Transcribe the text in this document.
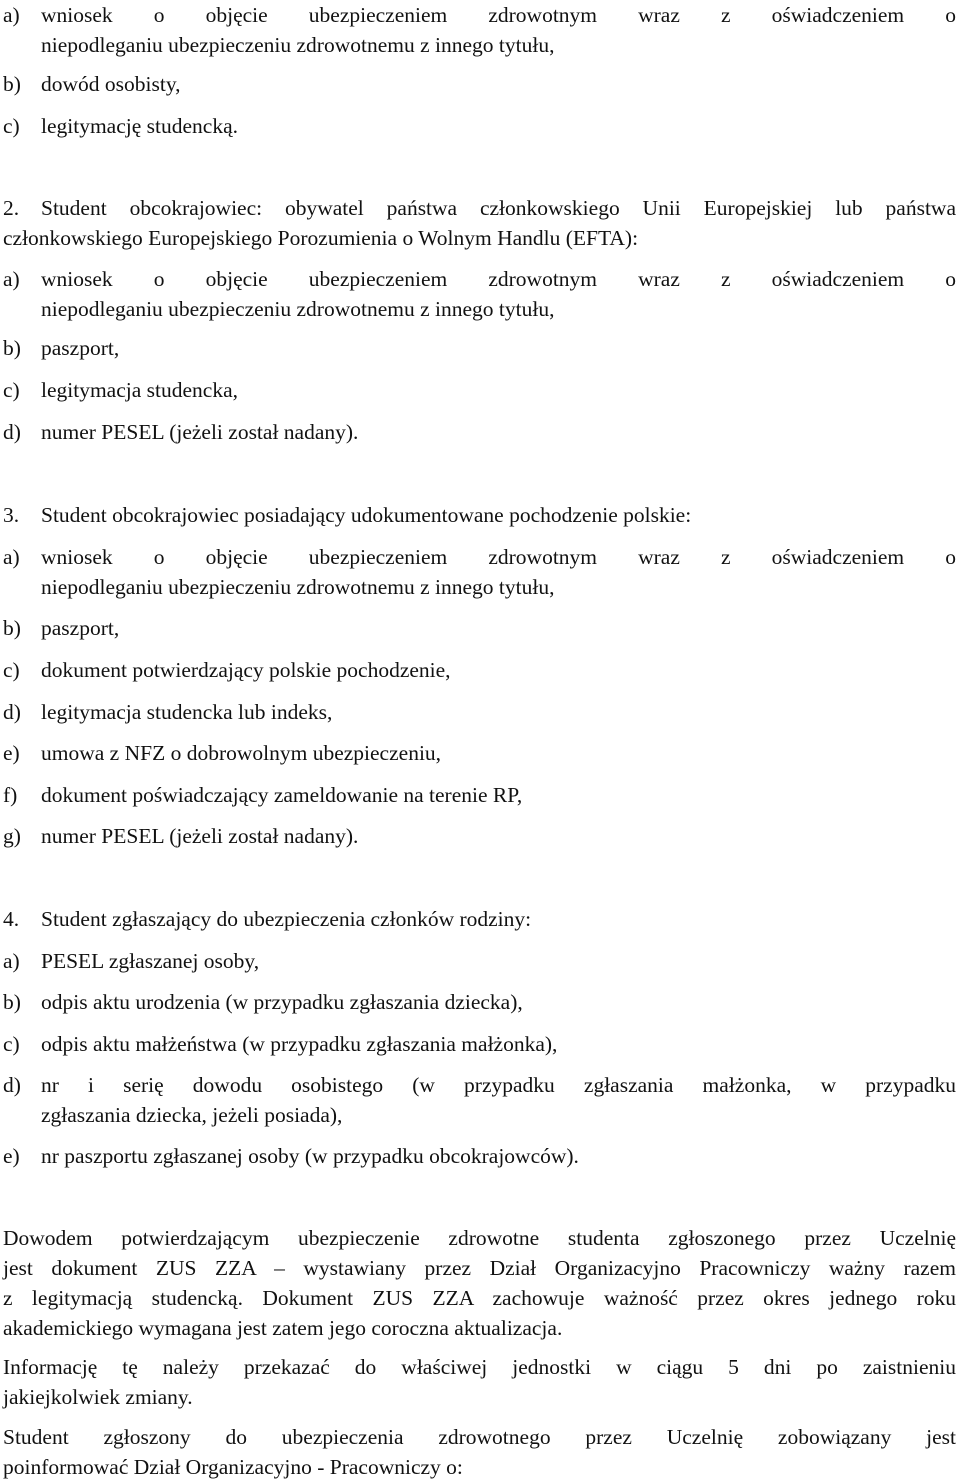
a) wniosek o objęcie ubezpieczeniem zdrowotnym wraz z oświadczeniem o
niepodleganiu ubezpieczeniu zdrowotnemu z innego tytułu,
b) dowód osobisty,
c) legitymację studencką.
2. Student obcokrajowiec: obywatel państwa członkowskiego Unii Europejskiej lub państwa
członkowskiego Europejskiego Porozumienia o Wolnym Handlu (EFTA):
a) wniosek o objęcie ubezpieczeniem zdrowotnym wraz z oświadczeniem o
niepodleganiu ubezpieczeniu zdrowotnemu z innego tytułu,
b) paszport,
c) legitymacja studencka,
d) numer PESEL (jeżeli został nadany).
3. Student obcokrajowiec posiadający udokumentowane pochodzenie polskie:
a) wniosek o objęcie ubezpieczeniem zdrowotnym wraz z oświadczeniem o
niepodleganiu ubezpieczeniu zdrowotnemu z innego tytułu,
b) paszport,
c) dokument potwierdzający polskie pochodzenie,
d) legitymacja studencka lub indeks,
e) umowa z NFZ o dobrowolnym ubezpieczeniu,
f) dokument poświadczający zameldowanie na terenie RP,
g) numer PESEL (jeżeli został nadany).
4. Student zgłaszający do ubezpieczenia członków rodziny:
a) PESEL zgłaszanej osoby,
b) odpis aktu urodzenia (w przypadku zgłaszania dziecka),
c) odpis aktu małżeństwa (w przypadku zgłaszania małżonka),
d) nr i serię dowodu osobistego (w przypadku zgłaszania małżonka, w przypadku
zgłaszania dziecka, jeżeli posiada),
e) nr paszportu zgłaszanej osoby (w przypadku obcokrajowców).
Dowodem potwierdzającym ubezpieczenie zdrowotne studenta zgłoszonego przez Uczelnię
jest dokument ZUS ZZA – wystawiany przez Dział Organizacyjno Pracowniczy ważny razem
z legitymacją studencką. Dokument ZUS ZZA zachowuje ważność przez okres jednego roku
akademickiego wymagana jest zatem jego coroczna aktualizacja.
Informację tę należy przekazać do właściwej jednostki w ciągu 5 dni po zaistnieniu
jakiejkolwiek zmiany.
Student zgłoszony do ubezpieczenia zdrowotnego przez Uczelnię zobowiązany jest
poinformować Dział Organizacyjno - Pracowniczy o:
